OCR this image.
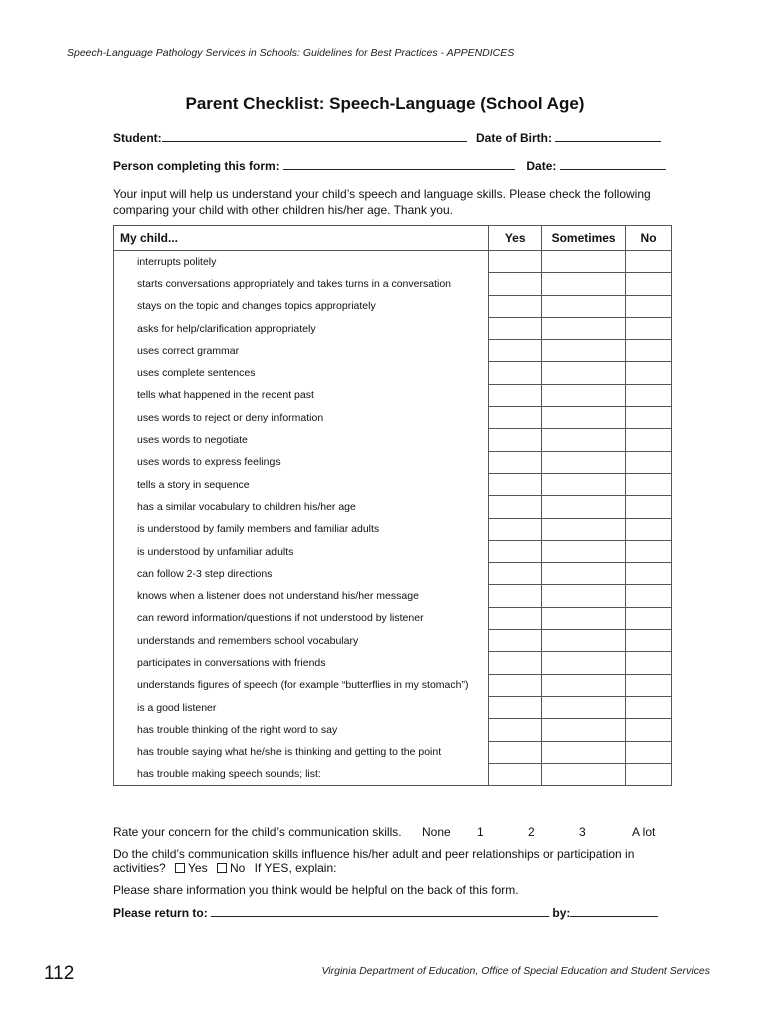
Speech-Language Pathology Services in Schools: Guidelines for Best Practices - APPENDICES
Parent Checklist: Speech-Language (School Age)
Student:	Date of Birth:
Person completing this form:	Date:
Your input will help us understand your child’s speech and language skills. Please check the following comparing your child with other children his/her age. Thank you.
My child...	Yes	Sometimes	No
interrupts politely			
starts conversations appropriately and takes turns in a conversation			
stays on the topic and changes topics appropriately			
asks for help/clarification appropriately			
uses correct grammar			
uses complete sentences			
tells what happened in the recent past			
uses words to reject or deny information			
uses words to negotiate			
uses words to express feelings			
tells a story in sequence			
has a similar vocabulary to children his/her age			
is understood by family members and familiar adults			
is understood by unfamiliar adults			
can follow 2-3 step directions			
knows when a listener does not understand his/her message			
can reword information/questions if not understood by listener			
understands and remembers school vocabulary			
participates in conversations with friends			
understands figures of speech (for example “butterflies in my stomach”)			
is a good listener			
has trouble thinking of the right word to say			
has trouble saying what he/she is thinking and getting to the point			
has trouble making speech sounds; list:			
Rate your concern for the child’s communication skills. None 1	2	3	A lot
Do the child’s communication skills influence his/her adult and peer relationships or participation in activities? Yes No If YES, explain:
Please share information you think would be helpful on the back of this form.
Please return to:	by:
112	Virginia Department of Education, Office of Special Education and Student Services
